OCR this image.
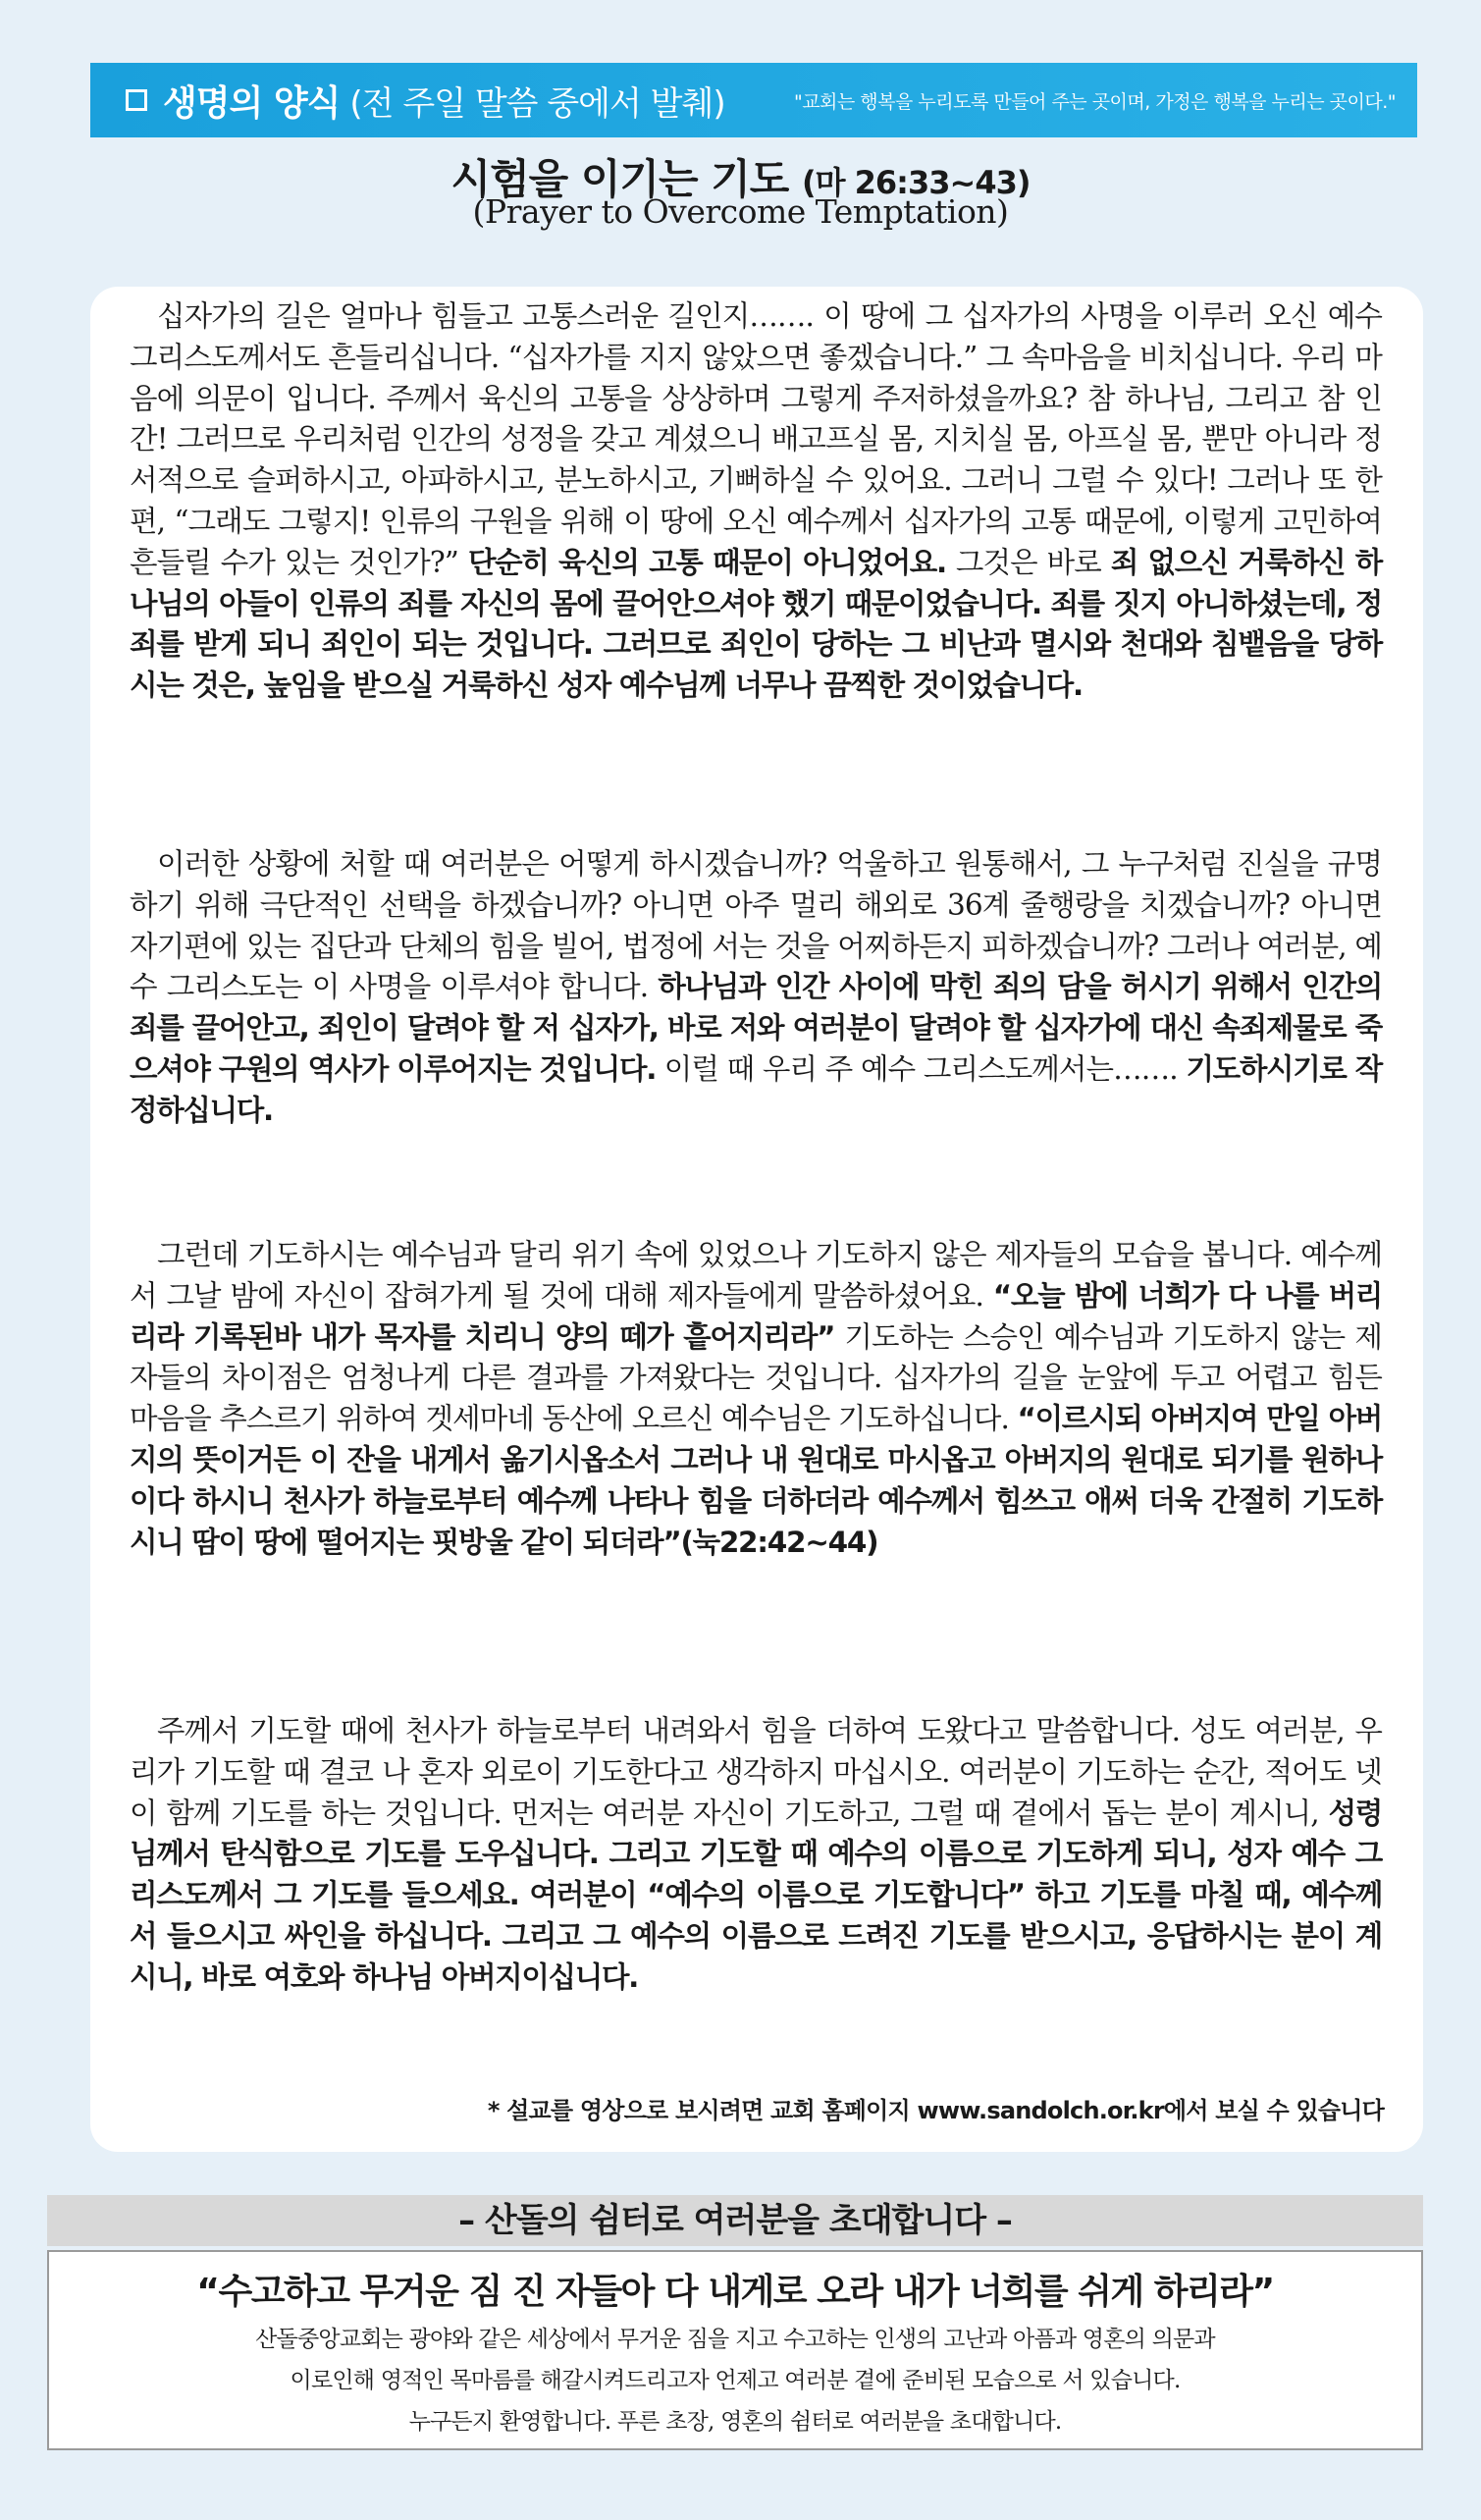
생명의 양식 (전 주일 말씀 중에서 발췌)	"교회는 행복을 누리도록 만들어 주는 곳이며, 가정은 행복을 누리는 곳이다."
시험을 이기는 기도 (마 26:33~43)
(Prayer to Overcome Temptation)

십자가의 길은 얼마나 힘들고 고통스러운 길인지……. 이 땅에 그 십자가의 사명을 이루러 오신 예수 그리스도께서도 흔들리십니다. “십자가를 지지 않았으면 좋겠습니다.” 그 속마음을 비치십니다. 우리 마음에 의문이 입니다. 주께서 육신의 고통을 상상하며 그렇게 주저하셨을까요? 참 하나님, 그리고 참 인간! 그러므로 우리처럼 인간의 성정을 갖고 계셨으니 배고프실 몸, 지치실 몸, 아프실 몸, 뿐만 아니라 정서적으로 슬퍼하시고, 아파하시고, 분노하시고, 기뻐하실 수 있어요. 그러니 그럴 수 있다! 그러나 또 한편, “그래도 그렇지! 인류의 구원을 위해 이 땅에 오신 예수께서 십자가의 고통 때문에, 이렇게 고민하여 흔들릴 수가 있는 것인가?” 단순히 육신의 고통 때문이 아니었어요. 그것은 바로 죄 없으신 거룩하신 하나님의 아들이 인류의 죄를 자신의 몸에 끌어안으셔야 했기 때문이었습니다. 죄를 짓지 아니하셨는데, 정죄를 받게 되니 죄인이 되는 것입니다. 그러므로 죄인이 당하는 그 비난과 멸시와 천대와 침뱉음을 당하시는 것은, 높임을 받으실 거룩하신 성자 예수님께 너무나 끔찍한 것이었습니다.

이러한 상황에 처할 때 여러분은 어떻게 하시겠습니까? 억울하고 원통해서, 그 누구처럼 진실을 규명하기 위해 극단적인 선택을 하겠습니까? 아니면 아주 멀리 해외로 36계 줄행랑을 치겠습니까? 아니면 자기편에 있는 집단과 단체의 힘을 빌어, 법정에 서는 것을 어찌하든지 피하겠습니까? 그러나 여러분, 예수 그리스도는 이 사명을 이루셔야 합니다. 하나님과 인간 사이에 막힌 죄의 담을 허시기 위해서 인간의 죄를 끌어안고, 죄인이 달려야 할 저 십자가, 바로 저와 여러분이 달려야 할 십자가에 대신 속죄제물로 죽으셔야 구원의 역사가 이루어지는 것입니다. 이럴 때 우리 주 예수 그리스도께서는……. 기도하시기로 작정하십니다.

그런데 기도하시는 예수님과 달리 위기 속에 있었으나 기도하지 않은 제자들의 모습을 봅니다. 예수께서 그날 밤에 자신이 잡혀가게 될 것에 대해 제자들에게 말씀하셨어요. “오늘 밤에 너희가 다 나를 버리리라 기록된바 내가 목자를 치리니 양의 떼가 흩어지리라” 기도하는 스승인 예수님과 기도하지 않는 제자들의 차이점은 엄청나게 다른 결과를 가져왔다는 것입니다. 십자가의 길을 눈앞에 두고 어렵고 힘든 마음을 추스르기 위하여 겟세마네 동산에 오르신 예수님은 기도하십니다. “이르시되 아버지여 만일 아버지의 뜻이거든 이 잔을 내게서 옮기시옵소서 그러나 내 원대로 마시옵고 아버지의 원대로 되기를 원하나이다 하시니 천사가 하늘로부터 예수께 나타나 힘을 더하더라 예수께서 힘쓰고 애써 더욱 간절히 기도하시니 땀이 땅에 떨어지는 핏방울 같이 되더라”(눅22:42~44)

주께서 기도할 때에 천사가 하늘로부터 내려와서 힘을 더하여 도왔다고 말씀합니다. 성도 여러분, 우리가 기도할 때 결코 나 혼자 외로이 기도한다고 생각하지 마십시오. 여러분이 기도하는 순간, 적어도 넷이 함께 기도를 하는 것입니다. 먼저는 여러분 자신이 기도하고, 그럴 때 곁에서 돕는 분이 계시니, 성령님께서 탄식함으로 기도를 도우십니다. 그리고 기도할 때 예수의 이름으로 기도하게 되니, 성자 예수 그리스도께서 그 기도를 들으세요. 여러분이 “예수의 이름으로 기도합니다” 하고 기도를 마칠 때, 예수께서 들으시고 싸인을 하십니다. 그리고 그 예수의 이름으로 드려진 기도를 받으시고, 응답하시는 분이 계시니, 바로 여호와 하나님 아버지이십니다.

* 설교를 영상으로 보시려면 교회 홈페이지 www.sandolch.or.kr에서 보실 수 있습니다
– 산돌의 쉼터로 여러분을 초대합니다 –
“수고하고 무거운 짐 진 자들아 다 내게로 오라 내가 너희를 쉬게 하리라”
산돌중앙교회는 광야와 같은 세상에서 무거운 짐을 지고 수고하는 인생의 고난과 아픔과 영혼의 의문과
이로인해 영적인 목마름를 해갈시켜드리고자 언제고 여러분 곁에 준비된 모습으로 서 있습니다.
누구든지 환영합니다. 푸른 초장, 영혼의 쉼터로 여러분을 초대합니다.
